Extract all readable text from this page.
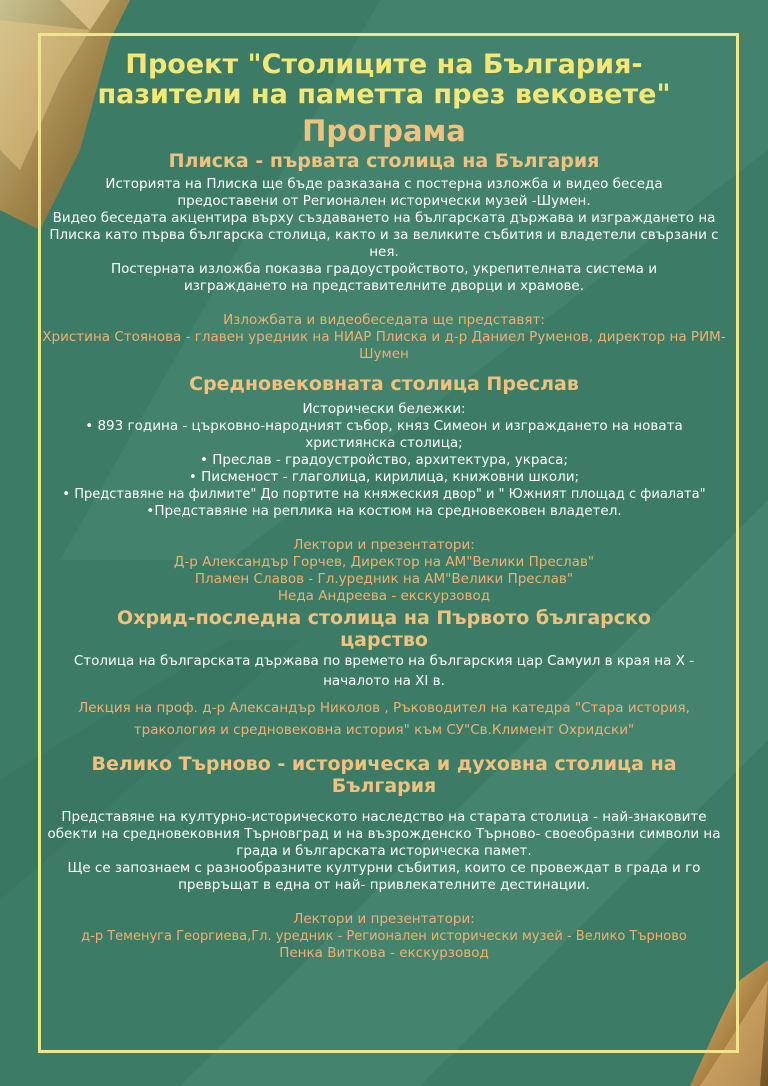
Проект "Столиците на България- пазители на паметта през вековете"
Програма
Плиска - първата столица на България
Историята на Плиска ще бъде разказана с постерна изложба и видео беседа предоставени от Регионален исторически музей -Шумен.
Видео беседата акцентира върху създаването на българската държава и изграждането на Плиска като първа българска столица, както и за великите събития и владетели свързани с нея.
Постерната изложба показва градоустройството, укрепителната система и изграждането на представителните дворци и храмове.
Изложбата и видеобеседата ще представят:
Христина Стоянова - главен уредник на НИАР Плиска и д-р Даниел Руменов, директор на РИМ- Шумен
Средновековната столица Преслав
Исторически бележки:
• 893 година - църковно-народният събор, княз Симеон и изграждането на новата християнска столица;
• Преслав - градоустройство, архитектура, украса;
• Писменост - глаголица, кирилица, книжовни школи;
• Представяне на филмите" До портите на княжеския двор" и " Южният площад с фиалата"
•Представяне на реплика на костюм на средновековен владетел.
Лектори и презентатори:
Д-р Александър Горчев, Директор на АМ"Велики Преслав"
Пламен Славов - Гл.уредник на АМ"Велики Преслав"
Неда Андреева - екскурзовод
Охрид-последна столица на Първото българско царство
Столица на българската държава по времето на българския цар Самуил в края на X - началото на XI в.
Лекция на проф. д-р Александър Николов , Ръководител на катедра "Стара история, тракология и средновековна история" към СУ"Св.Климент Охридски"
Велико Търново - историческа и духовна столица на България
Представяне на културно-историческото наследство на старата столица - най-знаковите обекти на средновековния Търновград и на възрожденско Търново- своеобразни символи на града и българската историческа памет.
Ще се запознаем с разнообразните културни събития, които се провеждат в града и го превръщат в една от най- привлекателните дестинации.
Лектори и презентатори:
д-р Теменуга Георгиева,Гл. уредник - Регионален исторически музей - Велико Търново
Пенка Виткова - екскурзовод
